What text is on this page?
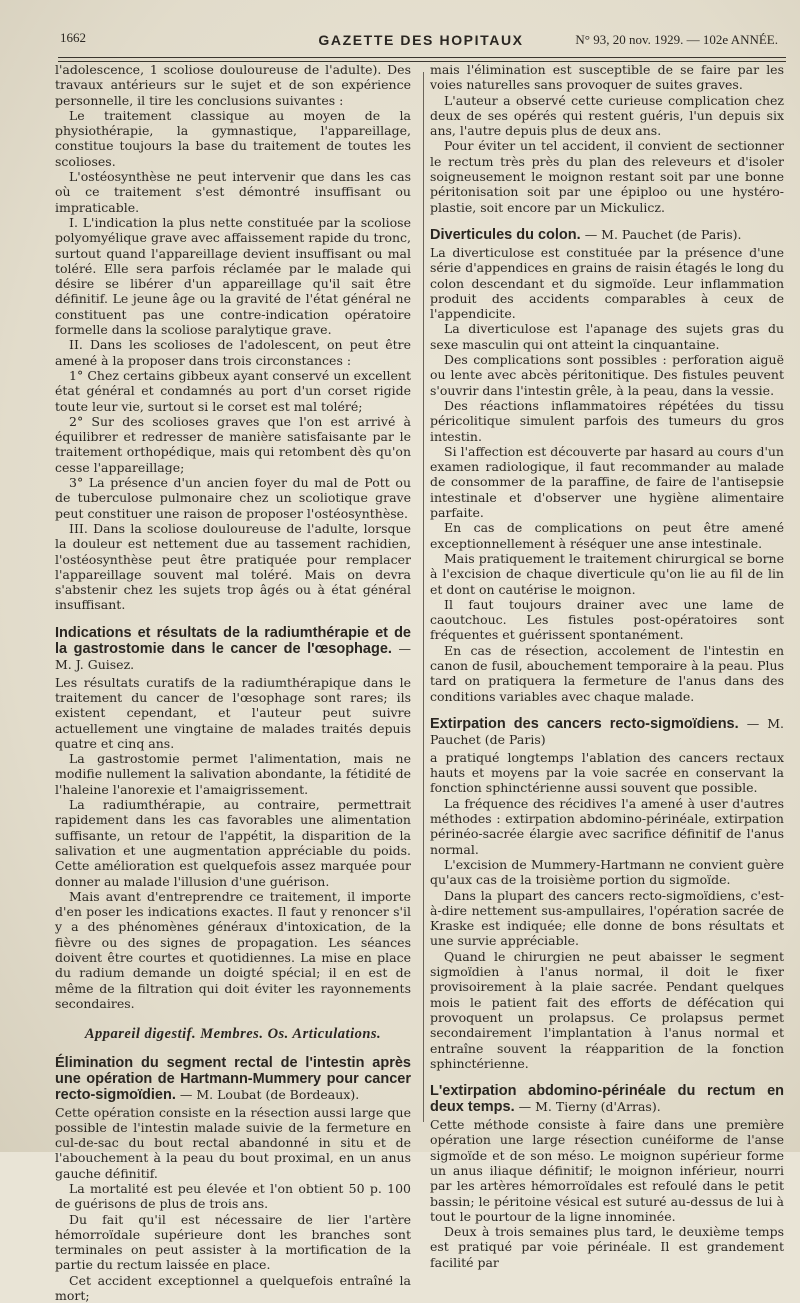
1662	GAZETTE DES HOPITAUX	N° 93, 20 nov. 1929. — 102e ANNÉE.

l'adolescence, 1 scoliose douloureuse de l'adulte). Des travaux antérieurs sur le sujet et de son expérience personnelle, il tire les conclusions suivantes :

Le traitement classique au moyen de la physiothérapie, la gymnastique, l'appareillage, constitue toujours la base du traitement de toutes les scolioses.

L'ostéosynthèse ne peut intervenir que dans les cas où ce traitement s'est démontré insuffisant ou impraticable.

I. L'indication la plus nette constituée par la scoliose polyomyélique grave avec affaissement rapide du tronc, surtout quand l'appareillage devient insuffisant ou mal toléré. Elle sera parfois réclamée par le malade qui désire se libérer d'un appareillage qu'il sait être définitif. Le jeune âge ou la gravité de l'état général ne constituent pas une contre-indication opératoire formelle dans la scoliose paralytique grave.

II. Dans les scolioses de l'adolescent, on peut être amené à la proposer dans trois circonstances :

1° Chez certains gibbeux ayant conservé un excellent état général et condamnés au port d'un corset rigide toute leur vie, surtout si le corset est mal toléré;

2° Sur des scolioses graves que l'on est arrivé à équilibrer et redresser de manière satisfaisante par le traitement orthopédique, mais qui retombent dès qu'on cesse l'appareillage;

3° La présence d'un ancien foyer du mal de Pott ou de tuberculose pulmonaire chez un scoliotique grave peut constituer une raison de proposer l'ostéosynthèse.

III. Dans la scoliose douloureuse de l'adulte, lorsque la douleur est nettement due au tassement rachidien, l'ostéosynthèse peut être pratiquée pour remplacer l'appareillage souvent mal toléré. Mais on devra s'abstenir chez les sujets trop âgés ou à état général insuffisant.

Indications et résultats de la radiumthérapie et de la gastrostomie dans le cancer de l'œsophage. — M. J. Guisez.

Les résultats curatifs de la radiumthérapique dans le traitement du cancer de l'œsophage sont rares; ils existent cependant, et l'auteur peut suivre actuellement une vingtaine de malades traités depuis quatre et cinq ans.

La gastrostomie permet l'alimentation, mais ne modifie nullement la salivation abondante, la fétidité de l'haleine l'anorexie et l'amaigrissement.

La radiumthérapie, au contraire, permettrait rapidement dans les cas favorables une alimentation suffisante, un retour de l'appétit, la disparition de la salivation et une augmentation appréciable du poids. Cette amélioration est quelquefois assez marquée pour donner au malade l'illusion d'une guérison.

Mais avant d'entreprendre ce traitement, il importe d'en poser les indications exactes. Il faut y renoncer s'il y a des phénomènes généraux d'intoxication, de la fièvre ou des signes de propagation. Les séances doivent être courtes et quotidiennes. La mise en place du radium demande un doigté spécial; il en est de même de la filtration qui doit éviter les rayonnements secondaires.

Appareil digestif. Membres. Os. Articulations.
Élimination du segment rectal de l'intestin après une opération de Hartmann-Mummery pour cancer recto-sigmoïdien. — M. Loubat (de Bordeaux).

Cette opération consiste en la résection aussi large que possible de l'intestin malade suivie de la fermeture en cul-de-sac du bout rectal abandonné in situ et de l'abouchement à la peau du bout proximal, en un anus gauche définitif.

La mortalité est peu élevée et l'on obtient 50 p. 100 de guérisons de plus de trois ans.

Du fait qu'il est nécessaire de lier l'artère hémorroïdale supérieure dont les branches sont terminales on peut assister à la mortification de la partie du rectum laissée en place.

Cet accident exceptionnel a quelquefois entraîné la mort;

mais l'élimination est susceptible de se faire par les voies naturelles sans provoquer de suites graves.

L'auteur a observé cette curieuse complication chez deux de ses opérés qui restent guéris, l'un depuis six ans, l'autre depuis plus de deux ans.

Pour éviter un tel accident, il convient de sectionner le rectum très près du plan des releveurs et d'isoler soigneusement le moignon restant soit par une bonne péritonisation soit par une épiploo ou une hystéro-plastie, soit encore par un Mickulicz.

Diverticules du colon. — M. Pauchet (de Paris).

La diverticulose est constituée par la présence d'une série d'appendices en grains de raisin étagés le long du colon descendant et du sigmoïde. Leur inflammation produit des accidents comparables à ceux de l'appendicite.

La diverticulose est l'apanage des sujets gras du sexe masculin qui ont atteint la cinquantaine.

Des complications sont possibles : perforation aiguë ou lente avec abcès péritonitique. Des fistules peuvent s'ouvrir dans l'intestin grêle, à la peau, dans la vessie.

Des réactions inflammatoires répétées du tissu péricolitique simulent parfois des tumeurs du gros intestin.

Si l'affection est découverte par hasard au cours d'un examen radiologique, il faut recommander au malade de consommer de la paraffine, de faire de l'antisepsie intestinale et d'observer une hygiène alimentaire parfaite.

En cas de complications on peut être amené exceptionnellement à réséquer une anse intestinale.

Mais pratiquement le traitement chirurgical se borne à l'excision de chaque diverticule qu'on lie au fil de lin et dont on cautérise le moignon.

Il faut toujours drainer avec une lame de caoutchouc. Les fistules post-opératoires sont fréquentes et guérissent spontanément.

En cas de résection, accolement de l'intestin en canon de fusil, abouchement temporaire à la peau. Plus tard on pratiquera la fermeture de l'anus dans des conditions variables avec chaque malade.

Extirpation des cancers recto-sigmoïdiens. — M. Pauchet (de Paris)

a pratiqué longtemps l'ablation des cancers rectaux hauts et moyens par la voie sacrée en conservant la fonction sphinctérienne aussi souvent que possible.

La fréquence des récidives l'a amené à user d'autres méthodes : extirpation abdomino-périnéale, extirpation périnéo-sacrée élargie avec sacrifice définitif de l'anus normal.

L'excision de Mummery-Hartmann ne convient guère qu'aux cas de la troisième portion du sigmoïde.

Dans la plupart des cancers recto-sigmoïdiens, c'est-à-dire nettement sus-ampullaires, l'opération sacrée de Kraske est indiquée; elle donne de bons résultats et une survie appréciable.

Quand le chirurgien ne peut abaisser le segment sigmoïdien à l'anus normal, il doit le fixer provisoirement à la plaie sacrée. Pendant quelques mois le patient fait des efforts de défécation qui provoquent un prolapsus. Ce prolapsus permet secondairement l'implantation à l'anus normal et entraîne souvent la réapparition de la fonction sphinctérienne.

L'extirpation abdomino-périnéale du rectum en deux temps. — M. Tierny (d'Arras).

Cette méthode consiste à faire dans une première opération une large résection cunéiforme de l'anse sigmoïde et de son méso. Le moignon supérieur forme un anus iliaque définitif; le moignon inférieur, nourri par les artères hémorroïdales est refoulé dans le petit bassin; le péritoine vésical est suturé au-dessus de lui à tout le pourtour de la ligne innominée.

Deux à trois semaines plus tard, le deuxième temps est pratiqué par voie périnéale. Il est grandement facilité par
